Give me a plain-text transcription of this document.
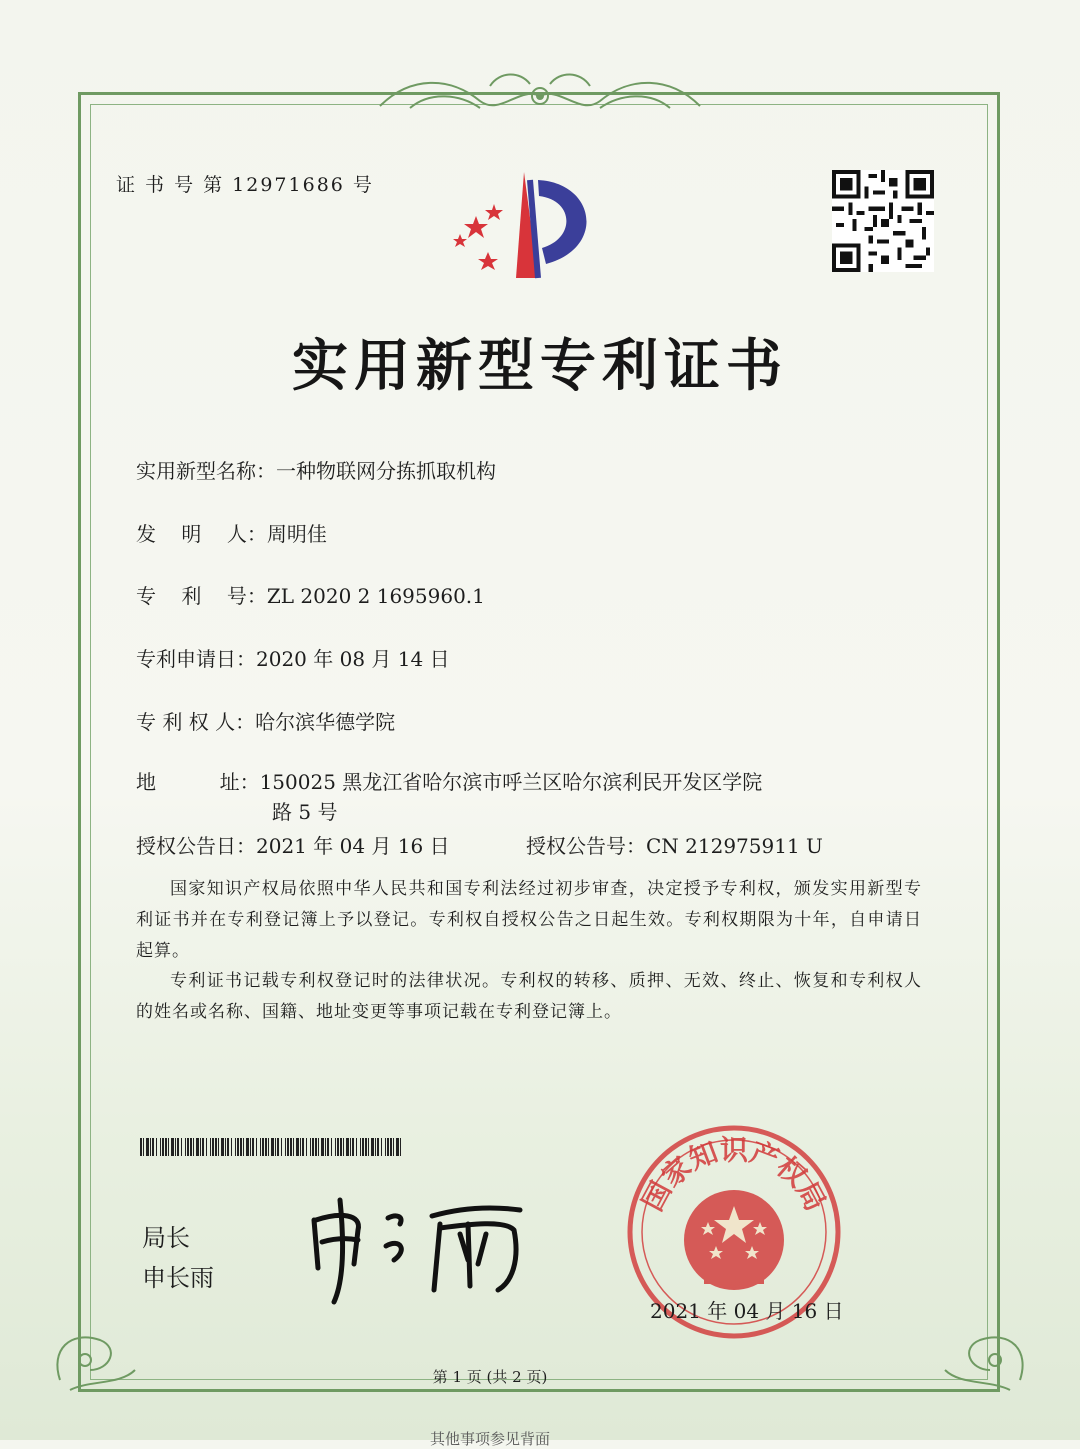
证 书 号 第 12971686 号
实用新型专利证书
实用新型名称：一种物联网分拣抓取机构
发    明    人：周明佳
专    利    号：ZL 2020 2 1695960.1
专利申请日：2020 年 08 月 14 日
专 利 权 人：哈尔滨华德学院
地          址：150025 黑龙江省哈尔滨市呼兰区哈尔滨利民开发区学院
路 5 号
授权公告日：2021 年 04 月 16 日	授权公告号：CN 212975911 U
国家知识产权局依照中华人民共和国专利法经过初步审查，决定授予专利权，颁发实用新型专利证书并在专利登记簿上予以登记。专利权自授权公告之日起生效。专利权期限为十年，自申请日起算。
专利证书记载专利权登记时的法律状况。专利权的转移、质押、无效、终止、恢复和专利权人的姓名或名称、国籍、地址变更等事项记载在专利登记簿上。
局长
申长雨
国家知识产权局
2021 年 04 月 16 日
第 1 页 (共 2 页)
其他事项参见背面
